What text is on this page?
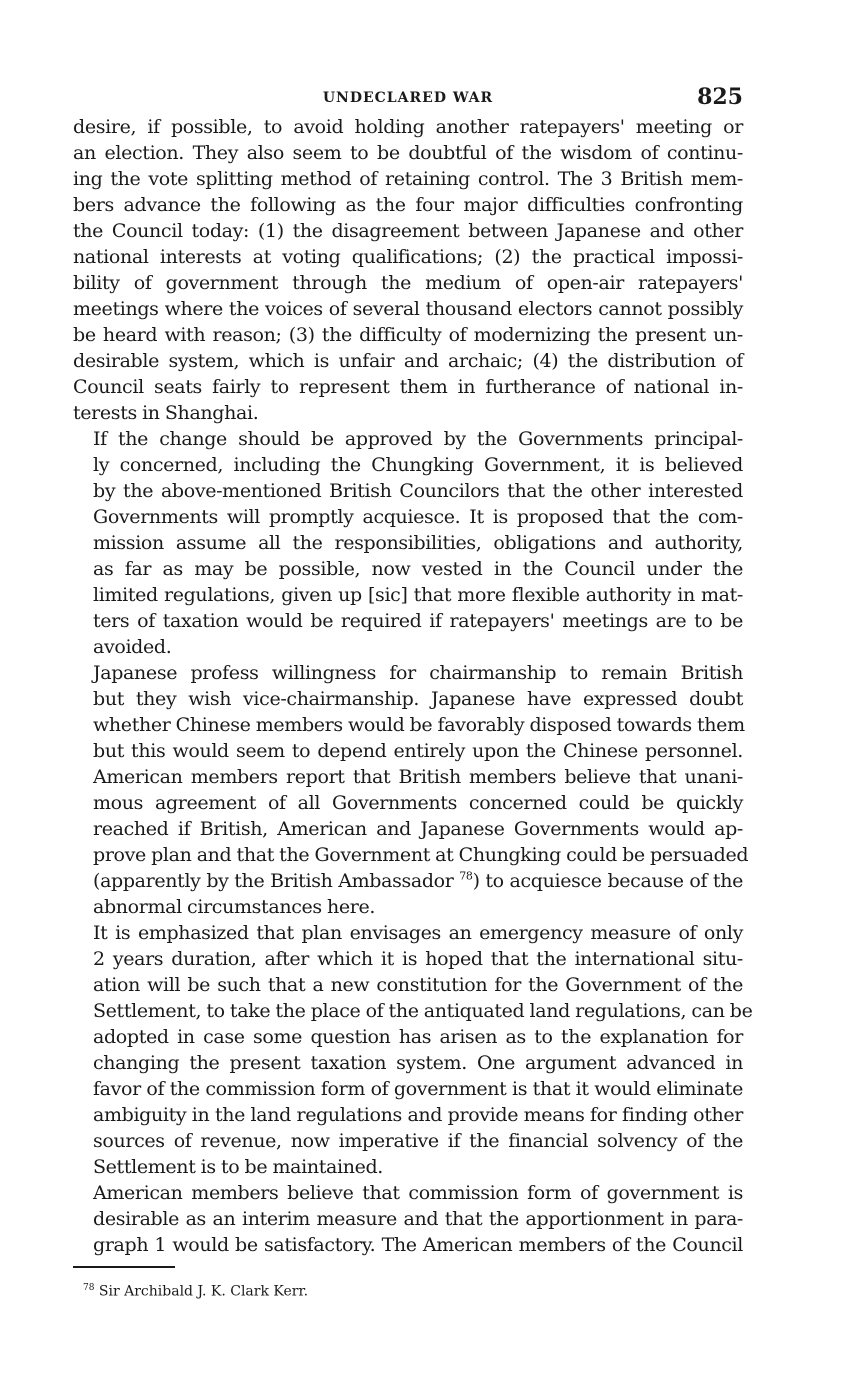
UNDECLARED WAR	825
desire, if possible, to avoid holding another ratepayers' meeting or
an election. They also seem to be doubtful of the wisdom of continu-
ing the vote splitting method of retaining control. The 3 British mem-
bers advance the following as the four major difficulties confronting
the Council today: (1) the disagreement between Japanese and other
national interests at voting qualifications; (2) the practical impossi-
bility of government through the medium of open-air ratepayers'
meetings where the voices of several thousand electors cannot possibly
be heard with reason; (3) the difficulty of modernizing the present un-
desirable system, which is unfair and archaic; (4) the distribution of
Council seats fairly to represent them in furtherance of national in-
terests in Shanghai.
If the change should be approved by the Governments principal-
ly concerned, including the Chungking Government, it is believed
by the above-mentioned British Councilors that the other interested
Governments will promptly acquiesce. It is proposed that the com-
mission assume all the responsibilities, obligations and authority,
as far as may be possible, now vested in the Council under the
limited regulations, given up [sic] that more flexible authority in mat-
ters of taxation would be required if ratepayers' meetings are to be
avoided.
Japanese profess willingness for chairmanship to remain British
but they wish vice-chairmanship. Japanese have expressed doubt
whether Chinese members would be favorably disposed towards them
but this would seem to depend entirely upon the Chinese personnel.
American members report that British members believe that unani-
mous agreement of all Governments concerned could be quickly
reached if British, American and Japanese Governments would ap-
prove plan and that the Government at Chungking could be persuaded
(apparently by the British Ambassador $^{78}$) to acquiesce because of the
abnormal circumstances here.
It is emphasized that plan envisages an emergency measure of only
2 years duration, after which it is hoped that the international situ-
ation will be such that a new constitution for the Government of the
Settlement, to take the place of the antiquated land regulations, can be
adopted in case some question has arisen as to the explanation for
changing the present taxation system. One argument advanced in
favor of the commission form of government is that it would eliminate
ambiguity in the land regulations and provide means for finding other
sources of revenue, now imperative if the financial solvency of the
Settlement is to be maintained.
American members believe that commission form of government is
desirable as an interim measure and that the apportionment in para-
graph 1 would be satisfactory. The American members of the Council
$^{78}$ Sir Archibald J. K. Clark Kerr.
